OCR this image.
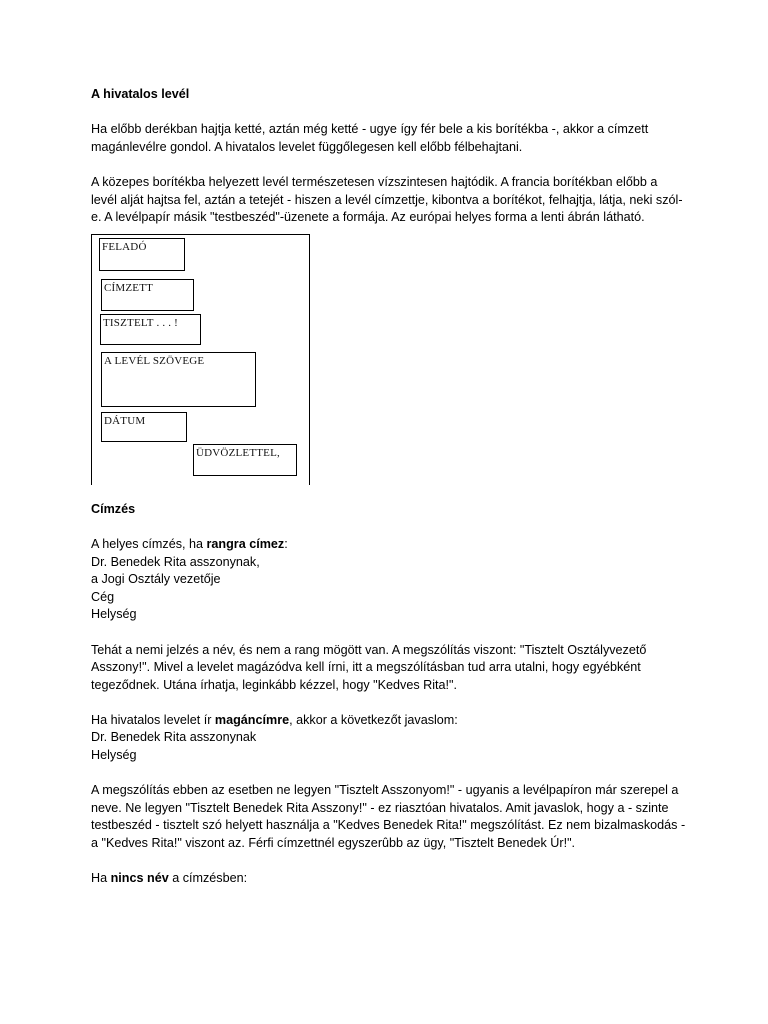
A hivatalos levél

Ha előbb derékban hajtja ketté, aztán még ketté - ugye így fér bele a kis borítékba -, akkor a címzett magánlevélre gondol. A hivatalos levelet függőlegesen kell előbb félbehajtani.

A közepes borítékba helyezett levél természetesen vízszintesen hajtódik. A francia borítékban előbb a levél alját hajtsa fel, aztán a tetejét - hiszen a levél címzettje, kibontva a borítékot, felhajtja, látja, neki szól-e. A levélpapír másik "testbeszéd"-üzenete a formája. Az európai helyes forma a lenti ábrán látható.

FELADÓ
CÍMZETT
TISZTELT . . . !
A LEVÉL SZÖVEGE
DÁTUM
ÜDVÖZLETTEL,

Címzés

A helyes címzés, ha rangra címez:

Dr. Benedek Rita asszonynak,
a Jogi Osztály vezetője
Cég
Helység

Tehát a nemi jelzés a név, és nem a rang mögött van. A megszólítás viszont: "Tisztelt Osztályvezető Asszony!". Mivel a levelet magázódva kell írni, itt a megszólításban tud arra utalni, hogy egyébként tegeződnek. Utána írhatja, leginkább kézzel, hogy "Kedves Rita!".

Ha hivatalos levelet ír magáncímre, akkor a következőt javaslom:

Dr. Benedek Rita asszonynak
Helység

A megszólítás ebben az esetben ne legyen "Tisztelt Asszonyom!" - ugyanis a levélpapíron már szerepel a neve. Ne legyen "Tisztelt Benedek Rita Asszony!" - ez riasztóan hivatalos. Amit javaslok, hogy a - szinte testbeszéd - tisztelt szó helyett használja a "Kedves Benedek Rita!" megszólítást. Ez nem bizalmaskodás - a "Kedves Rita!" viszont az. Férfi címzettnél egyszerûbb az ügy, "Tisztelt Benedek Úr!".

Ha nincs név a címzésben:
